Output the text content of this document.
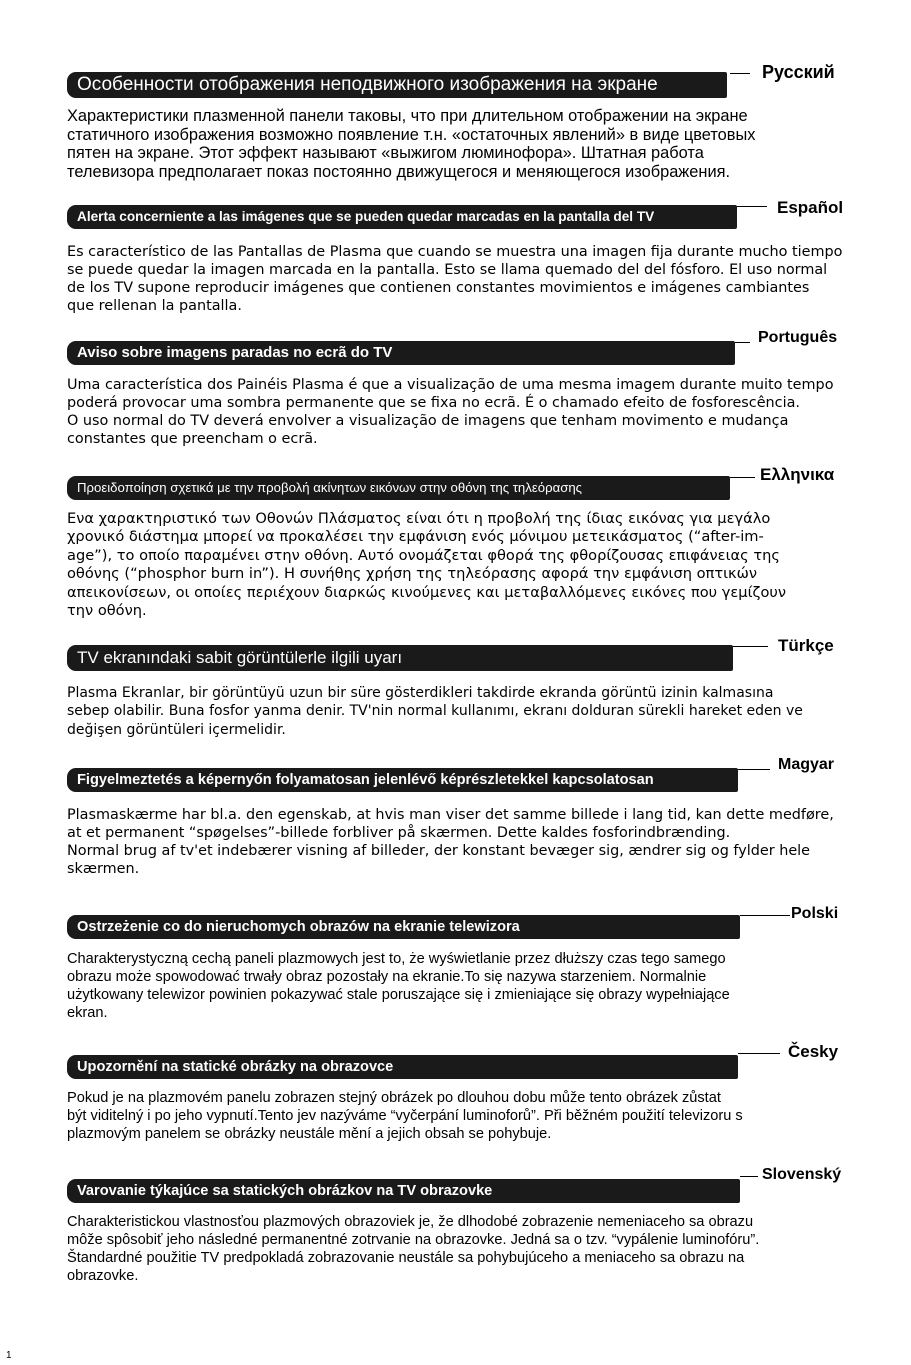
Русский
Особенности отображения неподвижного изображения на экране
Характеристики плазменной панели таковы, что при длительном отображении на экране
статичного изображения возможно появление т.н. «остаточных явлений» в виде цветовых
пятен на экране. Этот эффект называют «выжигом люминофора». Штатная работа
телевизора предполагает показ постоянно движущегося и меняющегося изображения.
Español
Alerta concerniente a las imágenes que se pueden quedar marcadas en la pantalla del TV
Es característico de las Pantallas de Plasma que cuando se muestra una imagen fija durante mucho tiempo
se puede quedar la imagen marcada en la pantalla. Esto se llama quemado del del fósforo. El uso normal
de los TV supone reproducir imágenes que contienen constantes movimientos e imágenes cambiantes
que rellenan la pantalla.
Português
Aviso sobre imagens paradas no ecrã do TV
Uma característica dos Painéis Plasma é que a visualização de uma mesma imagem durante muito tempo
poderá provocar uma sombra permanente que se fixa no ecrã. É o chamado efeito de fosforescência.
O uso normal do TV deverá envolver a visualização de imagens que tenham movimento e mudança
constantes que preencham o ecrã.
Ελληνικα
Προειδοποίηση σχετικά με την προβολή ακίνητων εικόνων στην οθόνη της τηλεόρασης
Ενα χαρακτηριστικό των Οθονών Πλάσματος είναι ότι η προβολή της ίδιας εικόνας για μεγάλο
χρονικό διάστημα μπορεί να προκαλέσει την εμφάνιση ενός μόνιμου μετεικάσματος (“after-im-
age”), το οποίο παραμένει στην οθόνη. Αυτό ονομάζεται φθορά της φθορίζουσας επιφάνειας της
οθόνης (“phosphor burn in”). Η συνήθης χρήση της τηλεόρασης αφορά την εμφάνιση οπτικών
απεικονίσεων, οι οποίες περιέχουν διαρκώς κινούμενες και μεταβαλλόμενες εικόνες που γεμίζουν
την οθόνη.
Türkçe
TV ekranındaki sabit görüntülerle ilgili uyarı
Plasma Ekranlar, bir görüntüyü uzun bir süre gösterdikleri takdirde ekranda görüntü izinin kalmasına
sebep olabilir. Buna fosfor yanma denir. TV'nin normal kullanımı, ekranı dolduran sürekli hareket eden ve
değişen görüntüleri içermelidir.
Magyar
Figyelmeztetés a képernyőn folyamatosan jelenlévő képrészletekkel kapcsolatosan
Plasmaskærme har bl.a. den egenskab, at hvis man viser det samme billede i lang tid, kan dette medføre,
at et permanent “spøgelses”-billede forbliver på skærmen. Dette kaldes fosforindbrænding.
Normal brug af tv'et indebærer visning af billeder, der konstant bevæger sig, ændrer sig og fylder hele
skærmen.
Polski
Ostrzeżenie co do nieruchomych obrazów na ekranie telewizora
Charakterystyczną cechą paneli plazmowych jest to, że wyświetlanie przez dłuższy czas tego samego
obrazu może spowodować trwały obraz pozostały na ekranie.To się nazywa starzeniem. Normalnie
użytkowany telewizor powinien pokazywać stale poruszające się i zmieniające się obrazy wypełniające
ekran.
Česky
Upozornění na statické obrázky na obrazovce
Pokud je na plazmovém panelu zobrazen stejný obrázek po dlouhou dobu může tento obrázek zůstat
být viditelný i po jeho vypnutí.Tento jev nazýváme “vyčerpání luminoforů”. Při běžném použití televizoru s
plazmovým panelem se obrázky neustále mění a jejich obsah se pohybuje.
Slovenský
Varovanie týkajúce sa statických obrázkov na TV obrazovke
Charakteristickou vlastnosťou plazmových obrazoviek je, že dlhodobé zobrazenie nemeniaceho sa obrazu
môže spôsobiť jeho následné permanentné zotrvanie na obrazovke. Jedná sa o tzv. “vypálenie luminofóru”.
Štandardné použitie TV predpokladá zobrazovanie neustále sa pohybujúceho a meniaceho sa obrazu na
obrazovke.
1
